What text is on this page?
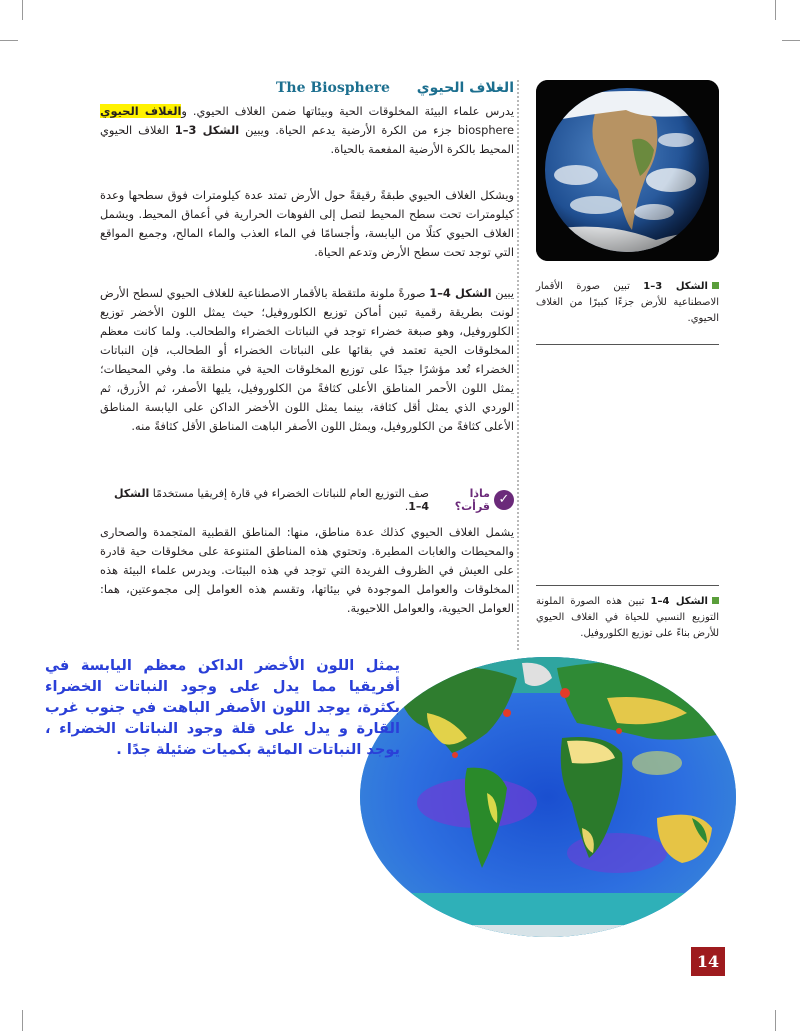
الغلاف الحيوي The Biosphere
يدرس علماء البيئة المخلوقات الحية وبيئاتها ضمن الغلاف الحيوي. والغلاف الحيوي biosphere جزء من الكرة الأرضية يدعم الحياة. ويبين الشكل 3–1 الغلاف الحيوي المحيط بالكرة الأرضية المفعمة بالحياة.
ويشكل الغلاف الحيوي طبقةً رقيقةً حول الأرض تمتد عدة كيلومترات فوق سطحها وعدة كيلومترات تحت سطح المحيط لتصل إلى الفوهات الحرارية في أعماق المحيط. ويشمل الغلاف الحيوي كتلًا من اليابسة، وأجسامًا في الماء العذب والماء المالح، وجميع المواقع التي توجد تحت سطح الأرض وتدعم الحياة.
يبين الشكل 4–1 صورةً ملونة ملتقطة بالأقمار الاصطناعية للغلاف الحيوي لسطح الأرض لونت بطريقة رقمية تبين أماكن توزيع الكلوروفيل؛ حيث يمثل اللون الأخضر توزيع الكلوروفيل، وهو صبغة خضراء توجد في النباتات الخضراء والطحالب. ولما كانت معظم المخلوقات الحية تعتمد في بقائها على النباتات الخضراء أو الطحالب، فإن النباتات الخضراء تُعد مؤشرًا جيدًا على توزيع المخلوقات الحية في منطقة ما. وفي المحيطات؛ يمثل اللون الأحمر المناطق الأعلى كثافةً من الكلوروفيل، يليها الأصفر، ثم الأزرق، ثم الوردي الذي يمثل أقل كثافة، بينما يمثل اللون الأخضر الداكن على اليابسة المناطق الأعلى كثافةً من الكلوروفيل، ويمثل اللون الأصفر الباهت المناطق الأقل كثافةً منه.
✓
ماذا قرأت؟
صف التوزيع العام للنباتات الخضراء في قارة إفريقيا مستخدمًا الشكل 4–1.
يشمل الغلاف الحيوي كذلك عدة مناطق، منها: المناطق القطبية المتجمدة والصحارى والمحيطات والغابات المطيرة. وتحتوي هذه المناطق المتنوعة على مخلوقات حية قادرة على العيش في الظروف الفريدة التي توجد في هذه البيئات. ويدرس علماء البيئة هذه المخلوقات والعوامل الموجودة في بيئاتها، وتقسم هذه العوامل إلى مجموعتين، هما: العوامل الحيوية، والعوامل اللاحيوية.
الشكل 3–1 تبين صورة الأقمار الاصطناعية للأرض جزءًا كبيرًا من الغلاف الحيوي.
الشكل 4–1 تبين هذه الصورة الملونة التوزيع النسبي للحياة في الغلاف الحيوي للأرض بناءً على توزيع الكلوروفيل.
يمثل اللون الأخضر الداكن معظم اليابسة في أفريقيا مما يدل على وجود النباتات الخضراء بكثرة، يوجد اللون الأصفر الباهت في جنوب غرب القارة و يدل على قلة وجود النباتات الخضراء ، يوجد النباتات المائية بكميات ضئيلة جدًا .
14
